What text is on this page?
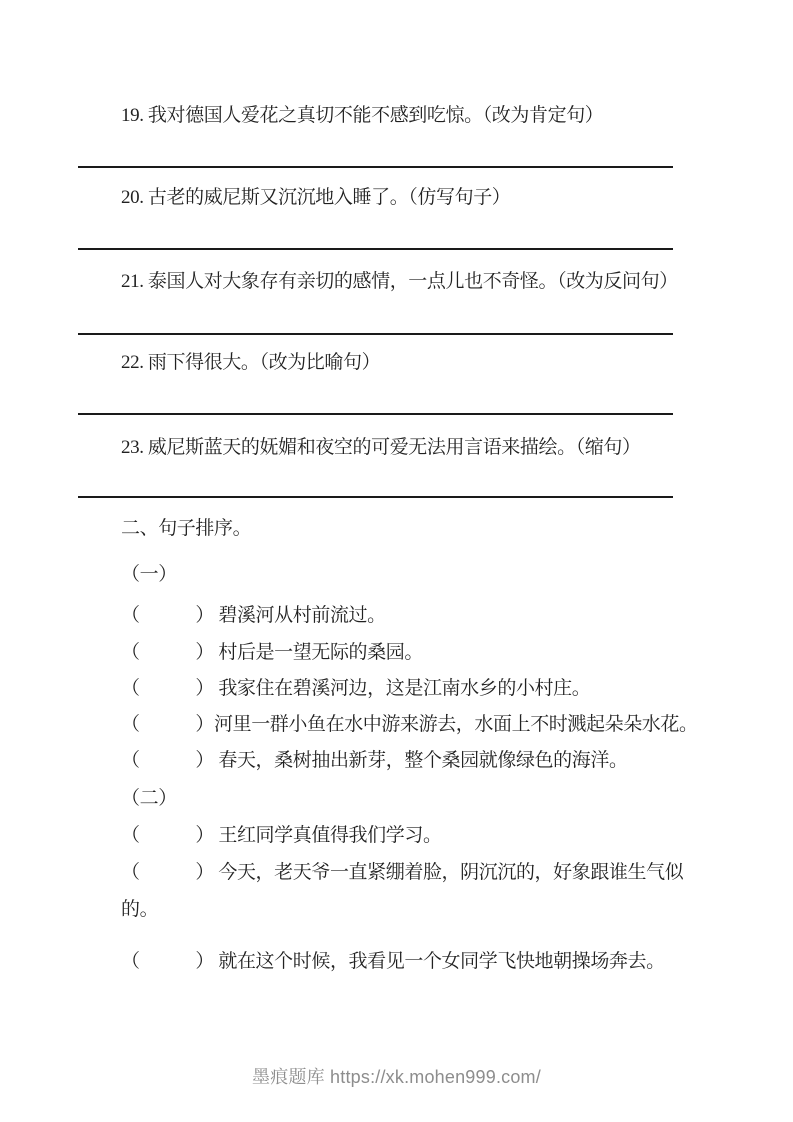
19. 我对德国人爱花之真切不能不感到吃惊。（改为肯定句）
20. 古老的威尼斯又沉沉地入睡了。（仿写句子）
21. 泰国人对大象存有亲切的感情，一点儿也不奇怪。（改为反问句）
22. 雨下得很大。（改为比喻句）
23. 威尼斯蓝天的妩媚和夜空的可爱无法用言语来描绘。（缩句）
二、句子排序。
（一）
（　　　） 碧溪河从村前流过。
（　　　） 村后是一望无际的桑园。
（　　　） 我家住在碧溪河边，这是江南水乡的小村庄。
（　　　）河里一群小鱼在水中游来游去，水面上不时溅起朵朵水花。
（　　　） 春天，桑树抽出新芽，整个桑园就像绿色的海洋。
（二）
（　　　） 王红同学真值得我们学习。
（　　　） 今天，老天爷一直紧绷着脸，阴沉沉的，好象跟谁生气似的。
（　　　） 就在这个时候，我看见一个女同学飞快地朝操场奔去。
墨痕题库 https://xk.mohen999.com/
